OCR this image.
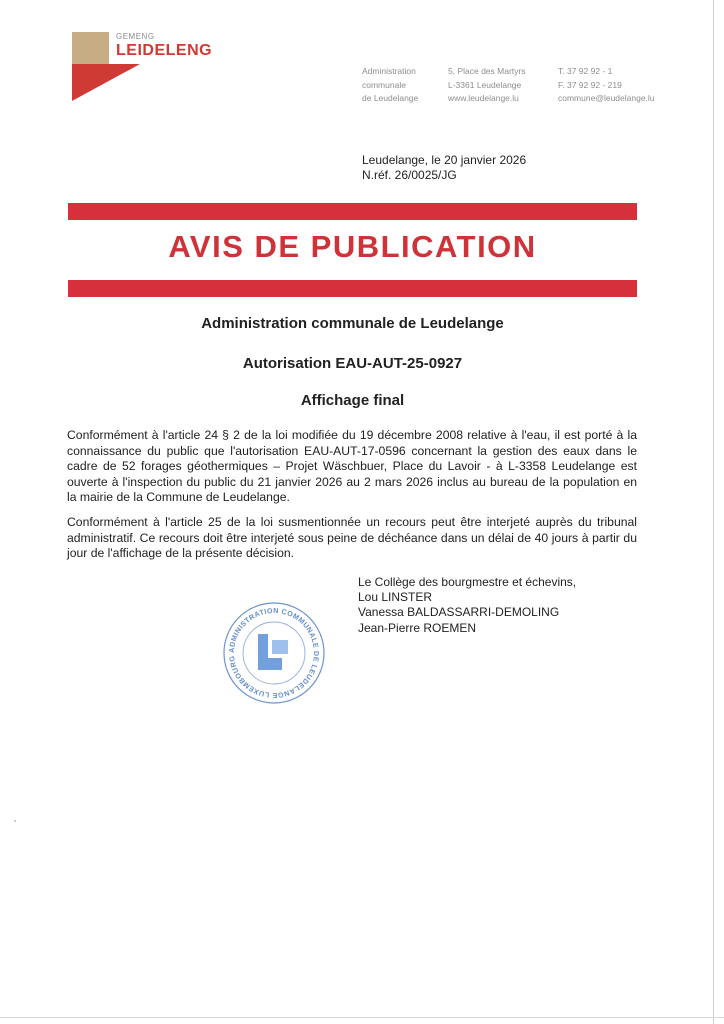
GEMENG
LEIDELENG
Administration
communale
de Leudelange
5, Place des Martyrs
L-3361 Leudelange
www.leudelange.lu
T. 37 92 92 - 1
F. 37 92 92 - 219
commune@leudelange.lu
Leudelange, le 20 janvier 2026
N.réf. 26/0025/JG
AVIS DE PUBLICATION
Administration communale de Leudelange
Autorisation EAU-AUT-25-0927
Affichage final
Conformément à l'article 24 § 2 de la loi modifiée du 19 décembre 2008 relative à l'eau, il est porté à la connaissance du public que l'autorisation EAU-AUT-17-0596 concernant la gestion des eaux dans le cadre de 52 forages géothermiques – Projet Wäschbuer, Place du Lavoir - à L-3358 Leudelange est ouverte à l'inspection du public du 21 janvier 2026 au 2 mars 2026 inclus au bureau de la population en la mairie de la Commune de Leudelange.
Conformément à l'article 25 de la loi susmentionnée un recours peut être interjeté auprès du tribunal administratif. Ce recours doit être interjeté sous peine de déchéance dans un délai de 40 jours à partir du jour de l'affichage de la présente décision.
Le Collège des bourgmestre et échevins,
Lou LINSTER
Vanessa BALDASSARRI-DEMOLING
Jean-Pierre ROEMEN
ADMINISTRATION COMMUNALE DE LEUDELANGE LUXEMBOURG
